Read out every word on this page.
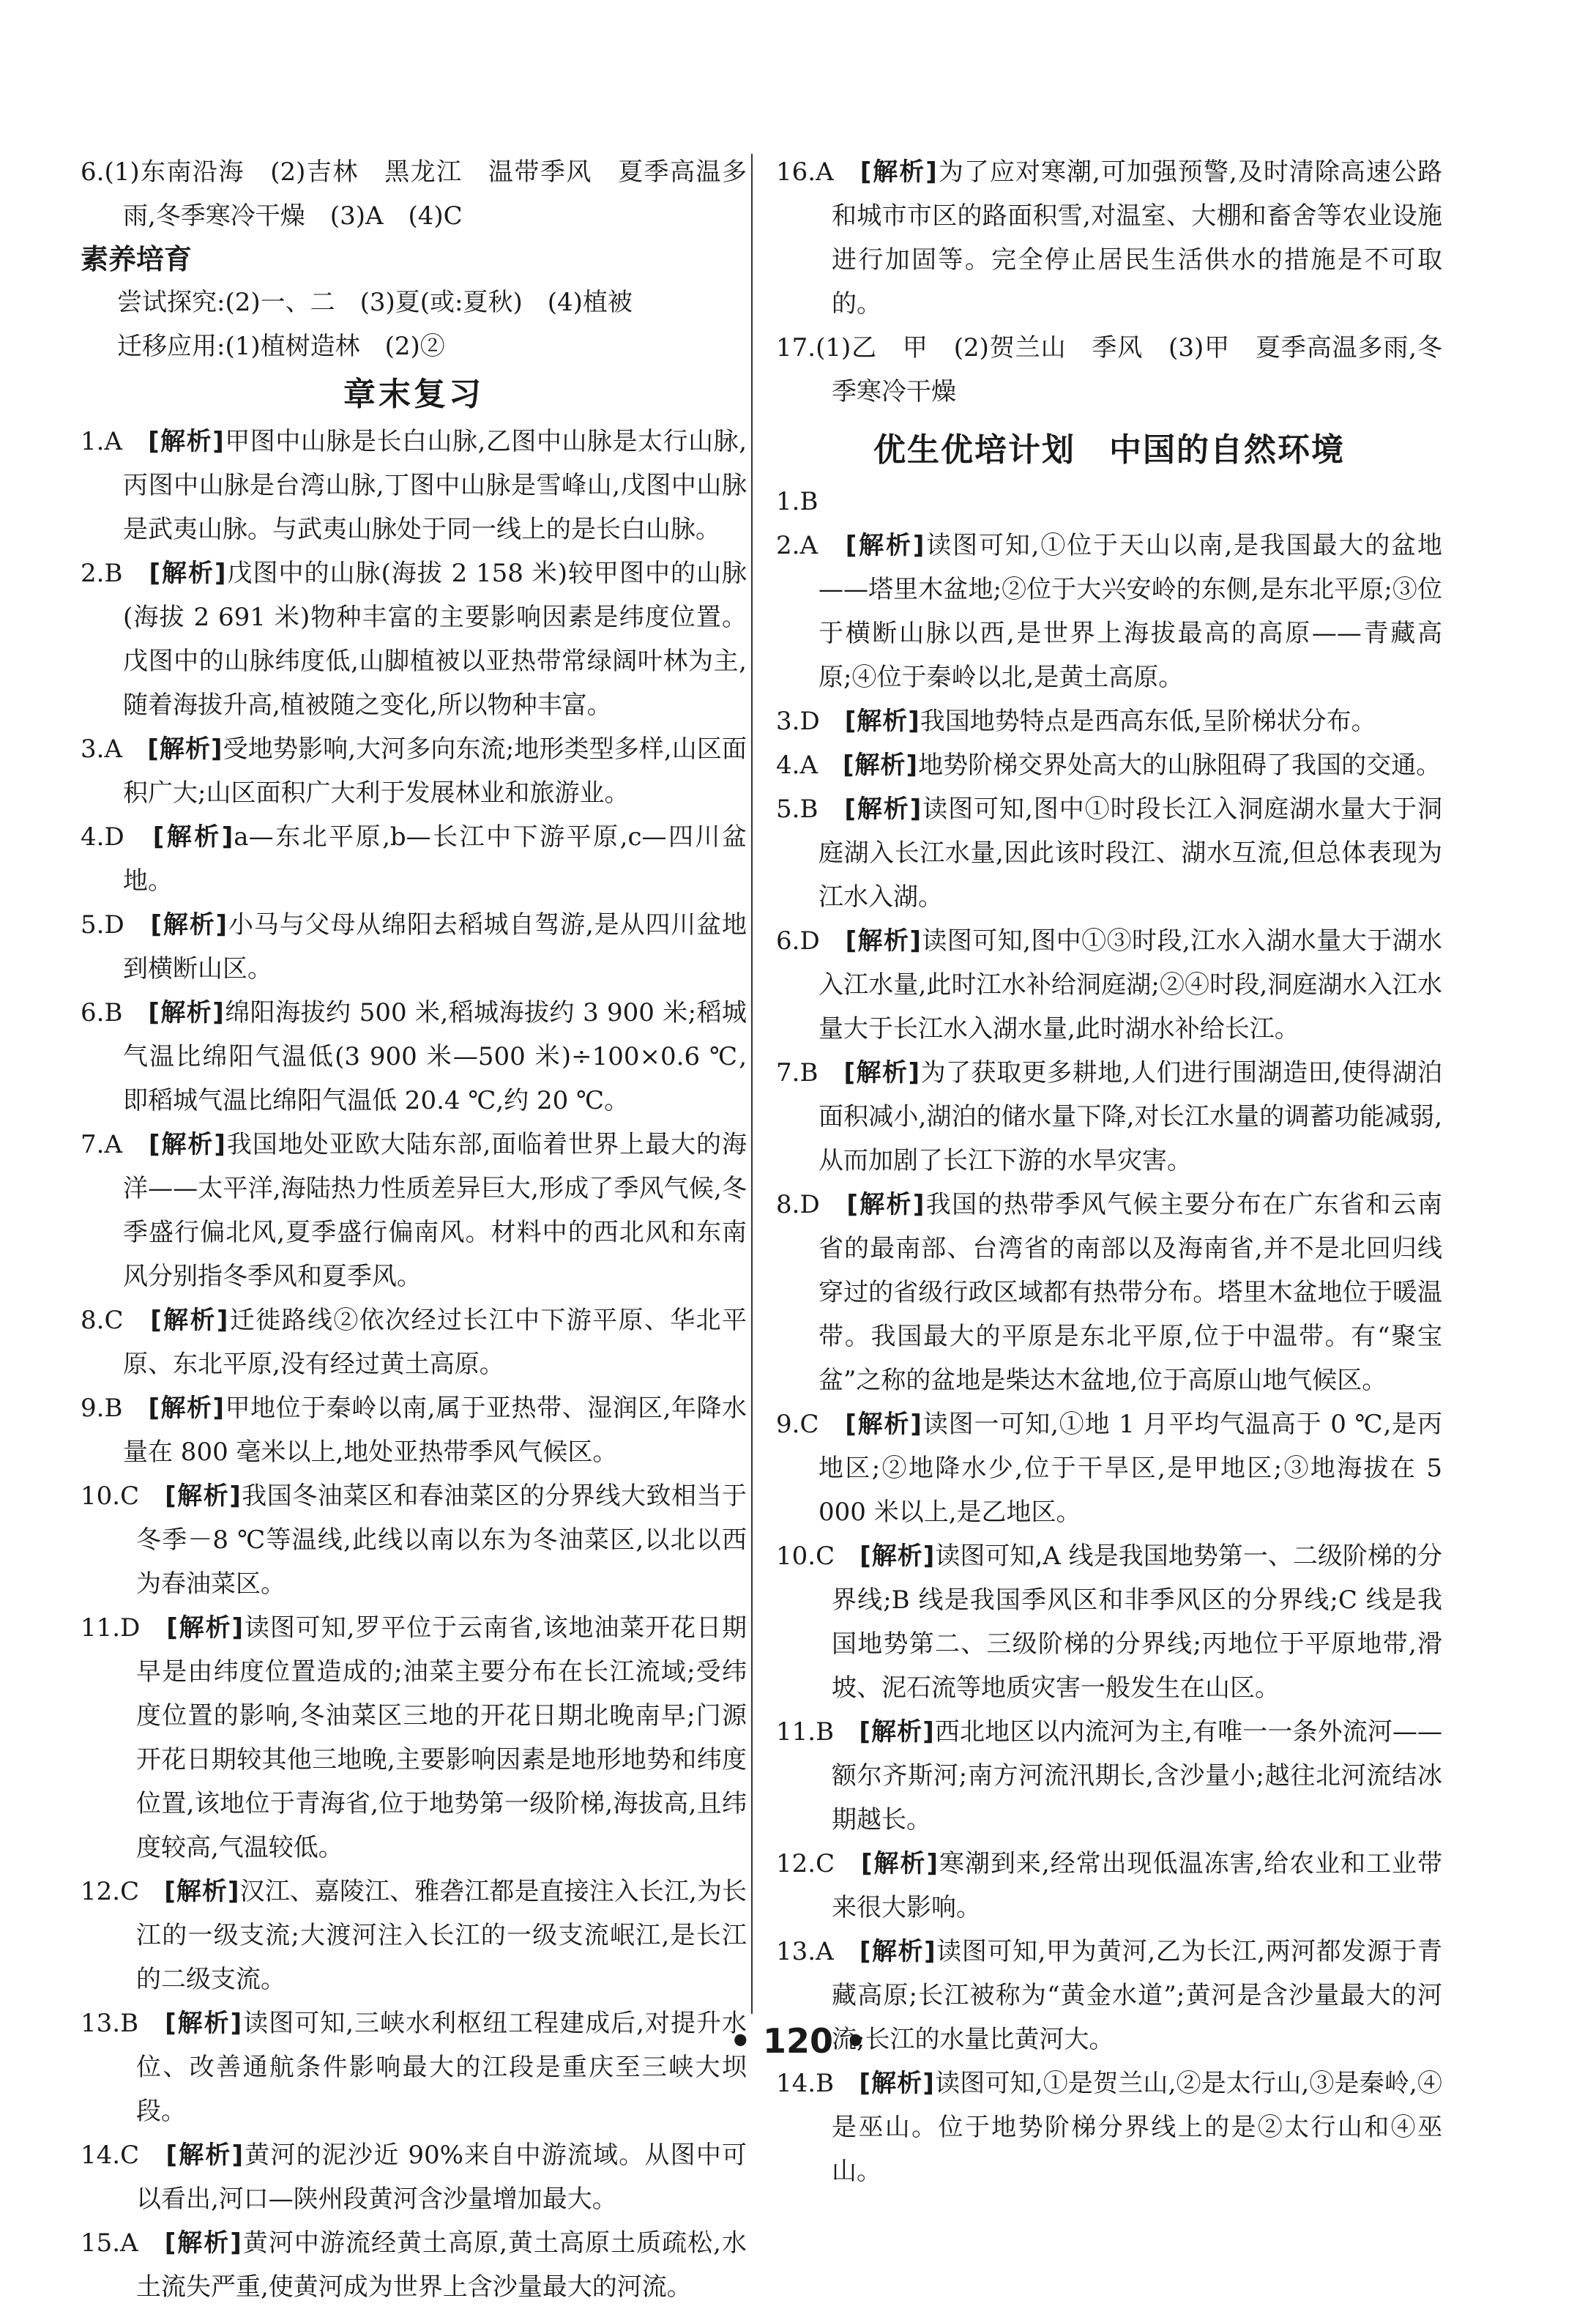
6.(1)东南沿海　(2)吉林　黑龙江　温带季风　夏季高温多雨,冬季寒冷干燥　(3)A　(4)C

素养培育

尝试探究:(2)一、二　(3)夏(或:夏秋)　(4)植被

迁移应用:(1)植树造林　(2)②

章末复习

1.A　[解析]甲图中山脉是长白山脉,乙图中山脉是太行山脉,丙图中山脉是台湾山脉,丁图中山脉是雪峰山,戊图中山脉是武夷山脉。与武夷山脉处于同一线上的是长白山脉。

2.B　[解析]戊图中的山脉(海拔 2 158 米)较甲图中的山脉(海拔 2 691 米)物种丰富的主要影响因素是纬度位置。戊图中的山脉纬度低,山脚植被以亚热带常绿阔叶林为主,随着海拔升高,植被随之变化,所以物种丰富。

3.A　[解析]受地势影响,大河多向东流;地形类型多样,山区面积广大;山区面积广大利于发展林业和旅游业。

4.D　[解析]a—东北平原,b—长江中下游平原,c—四川盆地。

5.D　[解析]小马与父母从绵阳去稻城自驾游,是从四川盆地到横断山区。

6.B　[解析]绵阳海拔约 500 米,稻城海拔约 3 900 米;稻城气温比绵阳气温低(3 900 米—500 米)÷100×0.6 ℃,即稻城气温比绵阳气温低 20.4 ℃,约 20 ℃。

7.A　[解析]我国地处亚欧大陆东部,面临着世界上最大的海洋——太平洋,海陆热力性质差异巨大,形成了季风气候,冬季盛行偏北风,夏季盛行偏南风。材料中的西北风和东南风分别指冬季风和夏季风。

8.C　[解析]迁徙路线②依次经过长江中下游平原、华北平原、东北平原,没有经过黄土高原。

9.B　[解析]甲地位于秦岭以南,属于亚热带、湿润区,年降水量在 800 毫米以上,地处亚热带季风气候区。

10.C　[解析]我国冬油菜区和春油菜区的分界线大致相当于冬季－8 ℃等温线,此线以南以东为冬油菜区,以北以西为春油菜区。

11.D　[解析]读图可知,罗平位于云南省,该地油菜开花日期早是由纬度位置造成的;油菜主要分布在长江流域;受纬度位置的影响,冬油菜区三地的开花日期北晚南早;门源开花日期较其他三地晚,主要影响因素是地形地势和纬度位置,该地位于青海省,位于地势第一级阶梯,海拔高,且纬度较高,气温较低。

12.C　[解析]汉江、嘉陵江、雅砻江都是直接注入长江,为长江的一级支流;大渡河注入长江的一级支流岷江,是长江的二级支流。

13.B　[解析]读图可知,三峡水利枢纽工程建成后,对提升水位、改善通航条件影响最大的江段是重庆至三峡大坝段。

14.C　[解析]黄河的泥沙近 90%来自中游流域。从图中可以看出,河口—陕州段黄河含沙量增加最大。

15.A　[解析]黄河中游流经黄土高原,黄土高原土质疏松,水土流失严重,使黄河成为世界上含沙量最大的河流。

16.A　[解析]为了应对寒潮,可加强预警,及时清除高速公路和城市市区的路面积雪,对温室、大棚和畜舍等农业设施进行加固等。完全停止居民生活供水的措施是不可取的。

17.(1)乙　甲　(2)贺兰山　季风　(3)甲　夏季高温多雨,冬季寒冷干燥

优生优培计划　中国的自然环境

1.B

2.A　[解析]读图可知,①位于天山以南,是我国最大的盆地——塔里木盆地;②位于大兴安岭的东侧,是东北平原;③位于横断山脉以西,是世界上海拔最高的高原——青藏高原;④位于秦岭以北,是黄土高原。

3.D　[解析]我国地势特点是西高东低,呈阶梯状分布。

4.A　[解析]地势阶梯交界处高大的山脉阻碍了我国的交通。

5.B　[解析]读图可知,图中①时段长江入洞庭湖水量大于洞庭湖入长江水量,因此该时段江、湖水互流,但总体表现为江水入湖。

6.D　[解析]读图可知,图中①③时段,江水入湖水量大于湖水入江水量,此时江水补给洞庭湖;②④时段,洞庭湖水入江水量大于长江水入湖水量,此时湖水补给长江。

7.B　[解析]为了获取更多耕地,人们进行围湖造田,使得湖泊面积减小,湖泊的储水量下降,对长江水量的调蓄功能减弱,从而加剧了长江下游的水旱灾害。

8.D　[解析]我国的热带季风气候主要分布在广东省和云南省的最南部、台湾省的南部以及海南省,并不是北回归线穿过的省级行政区域都有热带分布。塔里木盆地位于暖温带。我国最大的平原是东北平原,位于中温带。有“聚宝盆”之称的盆地是柴达木盆地,位于高原山地气候区。

9.C　[解析]读图一可知,①地 1 月平均气温高于 0 ℃,是丙地区;②地降水少,位于干旱区,是甲地区;③地海拔在 5 000 米以上,是乙地区。

10.C　[解析]读图可知,A 线是我国地势第一、二级阶梯的分界线;B 线是我国季风区和非季风区的分界线;C 线是我国地势第二、三级阶梯的分界线;丙地位于平原地带,滑坡、泥石流等地质灾害一般发生在山区。

11.B　[解析]西北地区以内流河为主,有唯一一条外流河——额尔齐斯河;南方河流汛期长,含沙量小;越往北河流结冰期越长。

12.C　[解析]寒潮到来,经常出现低温冻害,给农业和工业带来很大影响。

13.A　[解析]读图可知,甲为黄河,乙为长江,两河都发源于青藏高原;长江被称为“黄金水道”;黄河是含沙量最大的河流;长江的水量比黄河大。

14.B　[解析]读图可知,①是贺兰山,②是太行山,③是秦岭,④是巫山。位于地势阶梯分界线上的是②太行山和④巫山。

• 120 •
